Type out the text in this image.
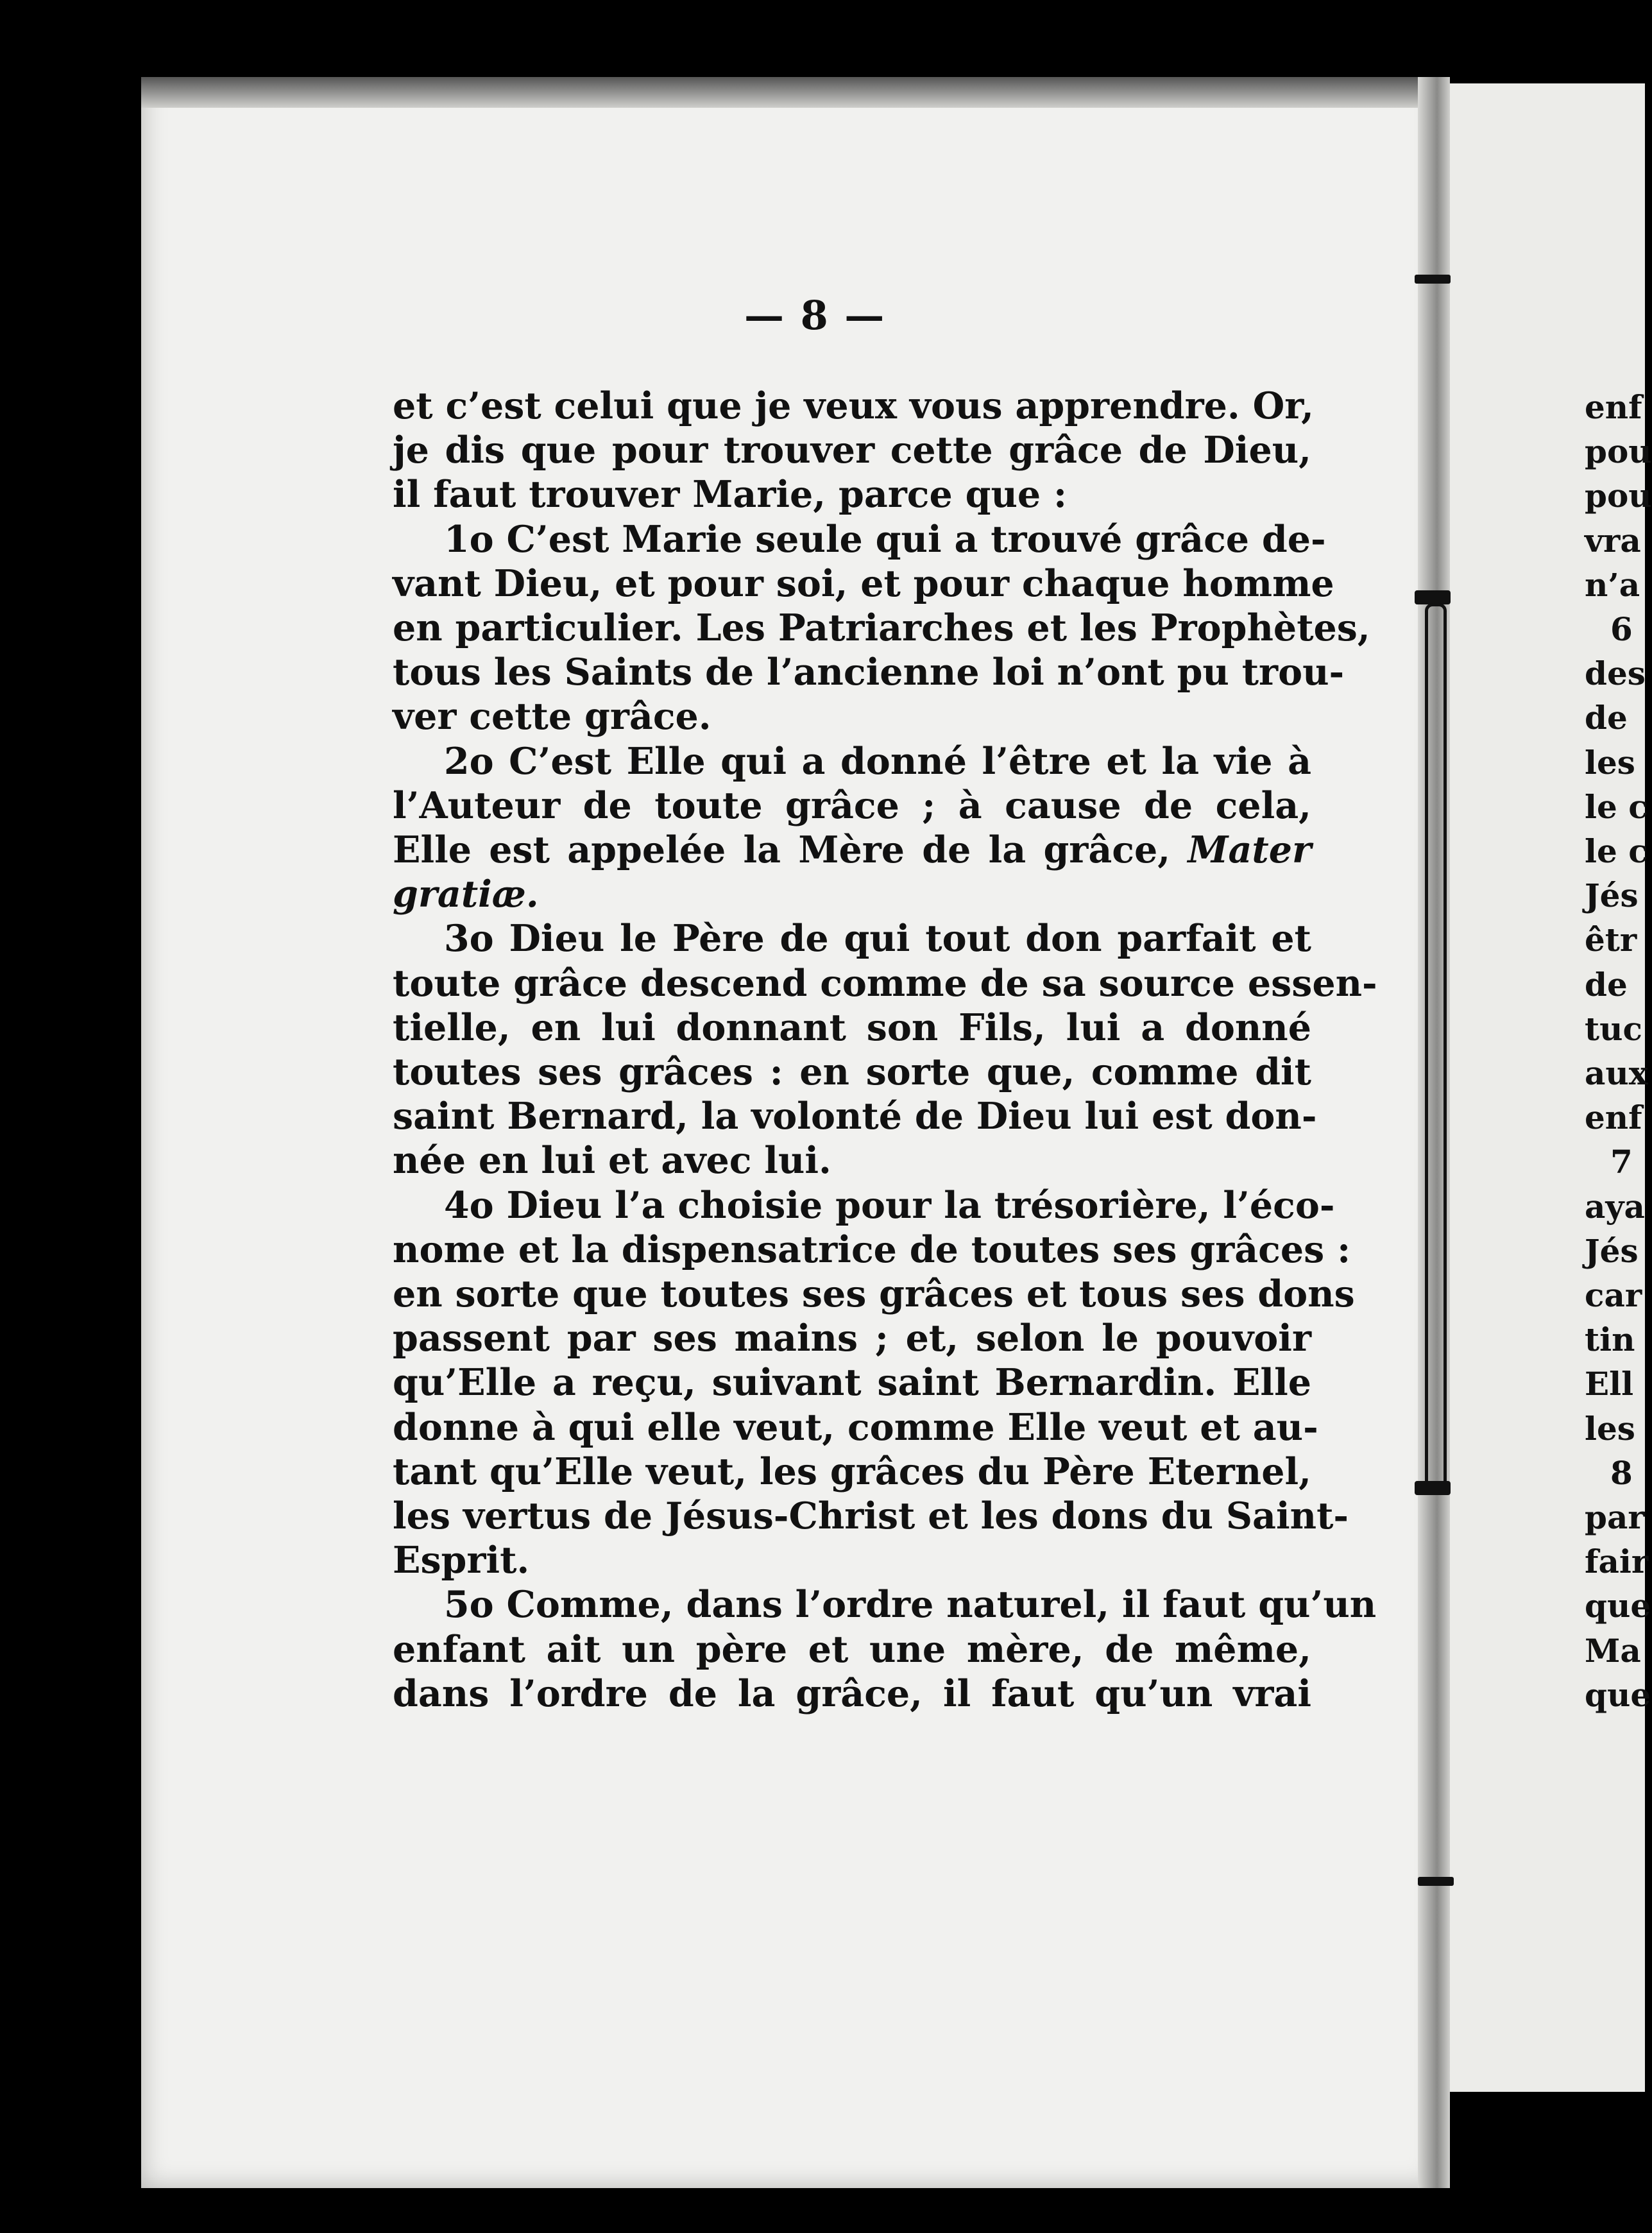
— 8 —
et c’est celui que je veux vous apprendre. Or,
je dis que pour trouver cette grâce de Dieu,
il faut trouver Marie, parce que :
1o C’est Marie seule qui a trouvé grâce de-
vant Dieu, et pour soi, et pour chaque homme
en particulier. Les Patriarches et les Prophètes,
tous les Saints de l’ancienne loi n’ont pu trou-
ver cette grâce.
2o C’est Elle qui a donné l’être et la vie à
l’Auteur de toute grâce ; à cause de cela,
Elle est appelée la Mère de la grâce, Mater
gratiæ.
3o Dieu le Père de qui tout don parfait et
toute grâce descend comme de sa source essen-
tielle, en lui donnant son Fils, lui a donné
toutes ses grâces : en sorte que, comme dit
saint Bernard, la volonté de Dieu lui est don-
née en lui et avec lui.
4o Dieu l’a choisie pour la trésorière, l’éco-
nome et la dispensatrice de toutes ses grâces :
en sorte que toutes ses grâces et tous ses dons
passent par ses mains ; et, selon le pouvoir
qu’Elle a reçu, suivant saint Bernardin. Elle
donne à qui elle veut, comme Elle veut et au-
tant qu’Elle veut, les grâces du Père Eternel,
les vertus de Jésus-Christ et les dons du Saint-
Esprit.
5o Comme, dans l’ordre naturel, il faut qu’un
enfant ait un père et une mère, de même,
dans l’ordre de la grâce, il faut qu’un vrai
enf
pou
pou
vra
n’a
6
des
de
les
le c
le c
Jés
êtr
de
tuc
aux
enf
7
aya
Jés
car
tin
Ell
les
8
par
fair
que
Ma
que
